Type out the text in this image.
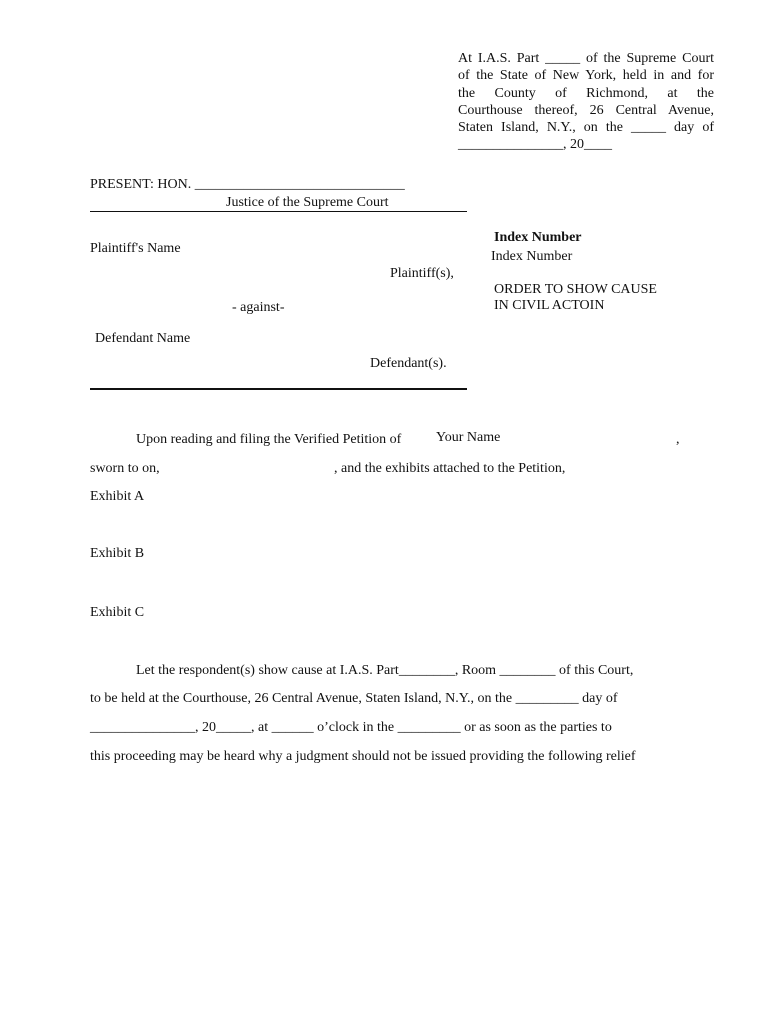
At I.A.S. Part _____ of the Supreme Court
of the State of New York, held in and for
the County of Richmond, at the
Courthouse thereof, 26 Central Avenue,
Staten Island, N.Y., on the _____ day of
_______________, 20____
PRESENT: HON. ______________________________
Justice of the Supreme Court
Plaintiff's Name
Plaintiff(s),
- against-
Defendant Name
Defendant(s).
Index Number
Index Number
ORDER TO SHOW CAUSE
IN CIVIL ACTOIN
Upon reading and filing the Verified Petition of Your Name	,
sworn to on,	, and the exhibits attached to the Petition,
Exhibit A
Exhibit B
Exhibit C
Let the respondent(s) show cause at I.A.S. Part________, Room ________ of this Court,
to be held at the Courthouse, 26 Central Avenue, Staten Island, N.Y., on the _________ day of
_______________, 20_____, at ______ o’clock in the _________ or as soon as the parties to
this proceeding may be heard why a judgment should not be issued providing the following relief
